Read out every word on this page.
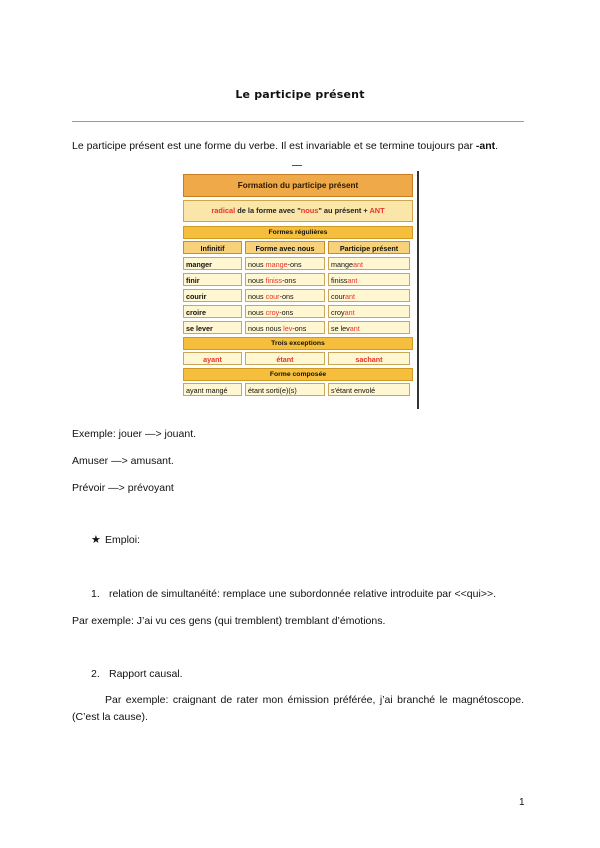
Le participe présent
Le participe présent est une forme du verbe. Il est invariable et se termine toujours par -ant.
Formation du participe présent
radical de la forme avec "nous" au présent + ANT
Formes régulières
Infinitif	Forme avec nous	Participe présent
manger	nous mange-ons	mangeant
finir	nous finiss-ons	finissant
courir	nous cour-ons	courant
croire	nous croy-ons	croyant
se lever	nous nous lev-ons	se levant
Trois exceptions
ayant	étant	sachant
Forme composée
ayant mangé	étant sorti(e)(s)	s'étant envolé
Exemple: jouer —> jouant.
Amuser —> amusant.
Prévoir —> prévoyant
★ Emploi:
1. relation de simultanéité: remplace une subordonnée relative introduite par <<qui>>.
Par exemple: J’ai vu ces gens (qui tremblent) tremblant d’émotions.
2. Rapport causal.
Par exemple: craignant de rater mon émission préférée, j’ai branché le magnétoscope. (C’est la cause).
1
